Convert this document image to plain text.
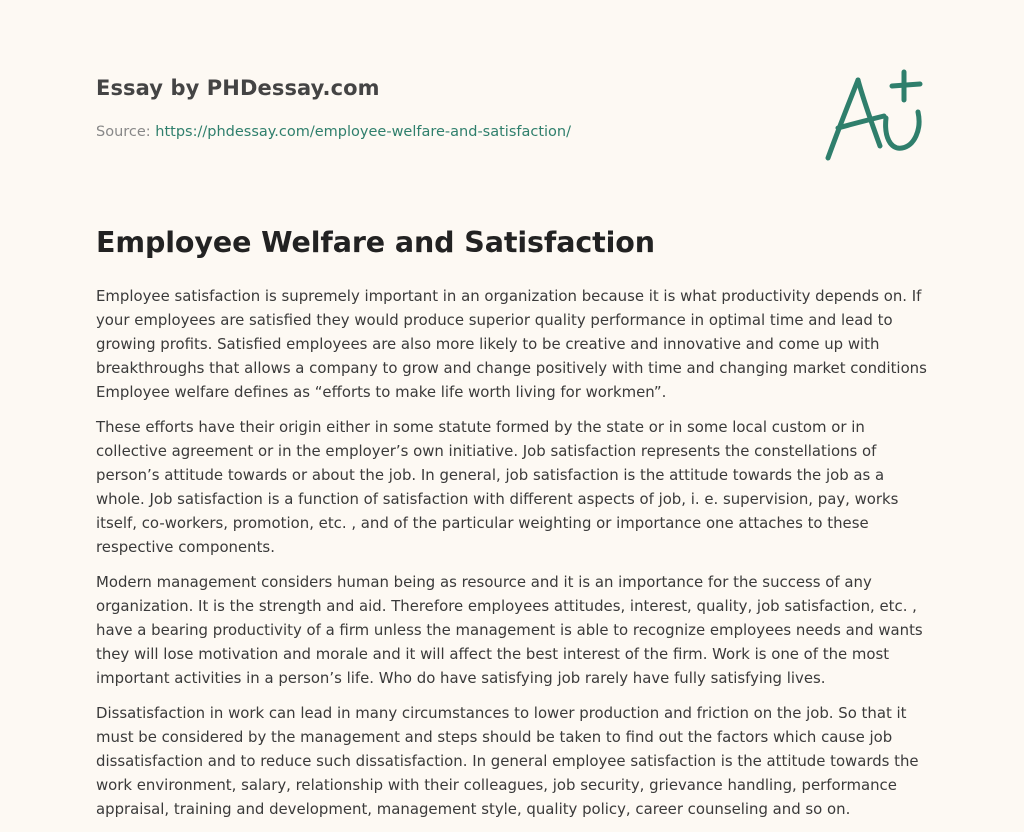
Essay by PHDessay.com
Source: https://phdessay.com/employee-welfare-and-satisfaction/
Employee Welfare and Satisfaction

Employee satisfaction is supremely important in an organization because it is what productivity depends on. If your employees are satisfied they would produce superior quality performance in optimal time and lead to growing profits. Satisfied employees are also more likely to be creative and innovative and come up with breakthroughs that allows a company to grow and change positively with time and changing market conditions Employee welfare defines as “efforts to make life worth living for workmen”.

These efforts have their origin either in some statute formed by the state or in some local custom or in collective agreement or in the employer’s own initiative. Job satisfaction represents the constellations of person’s attitude towards or about the job. In general, job satisfaction is the attitude towards the job as a whole. Job satisfaction is a function of satisfaction with different aspects of job, i. e. supervision, pay, works itself, co-workers, promotion, etc. , and of the particular weighting or importance one attaches to these respective components.

Modern management considers human being as resource and it is an importance for the success of any organization. It is the strength and aid. Therefore employees attitudes, interest, quality, job satisfaction, etc. , have a bearing productivity of a firm unless the management is able to recognize employees needs and wants they will lose motivation and morale and it will affect the best interest of the firm. Work is one of the most important activities in a person’s life. Who do have satisfying job rarely have fully satisfying lives.

Dissatisfaction in work can lead in many circumstances to lower production and friction on the job. So that it must be considered by the management and steps should be taken to find out the factors which cause job dissatisfaction and to reduce such dissatisfaction. In general employee satisfaction is the attitude towards the work environment, salary, relationship with their colleagues, job security, grievance handling, performance appraisal, training and development, management style, quality policy, career counseling and so on.
